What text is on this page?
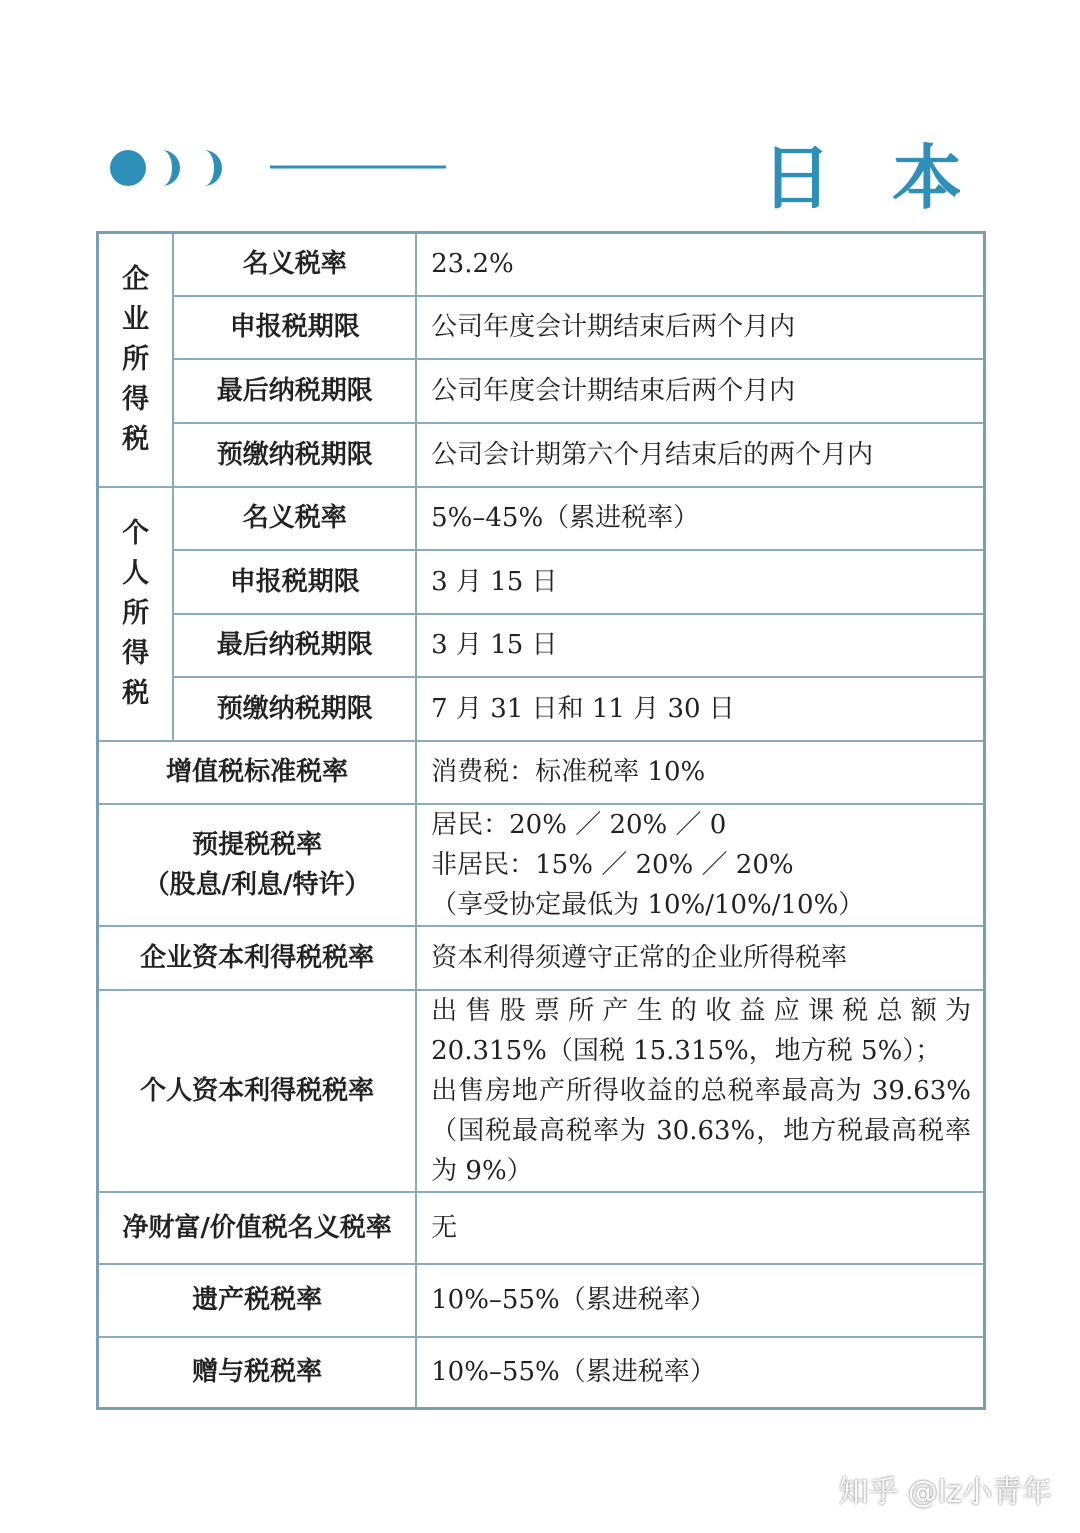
日 本
企
业
所
得
税	名义税率	23.2%
	申报税期限	公司年度会计期结束后两个月内
	最后纳税期限	公司年度会计期结束后两个月内
	预缴纳税期限	公司会计期第六个月结束后的两个月内

个
人
所
得
税	名义税率	5%–45%（累进税率）
	申报税期限	3 月 15 日
	最后纳税期限	3 月 15 日
	预缴纳税期限	7 月 31 日和 11 月 30 日
增值税标准税率		消费税：标准税率 10%

预提税税率
（股息/利息/特许）		居民：20% ／ 20% ／ 0
非居民：15% ／ 20% ／ 20%
（享受协定最低为 10%/10%/10%）

企业资本利得税税率		资本利得须遵守正常的企业所得税率
个人资本利得税税率		出售股票所产生的收益应课税总额为
20.315%（国税 15.315%，地方税 5%）；
出售房地产所得收益的总税率最高为 39.63%
（国税最高税率为 30.63%，地方税最高税率
为 9%）

净财富/价值税名义税率		无
遗产税税率		10%–55%（累进税率）
赠与税税率		10%–55%（累进税率）
知乎 @lz小青年
